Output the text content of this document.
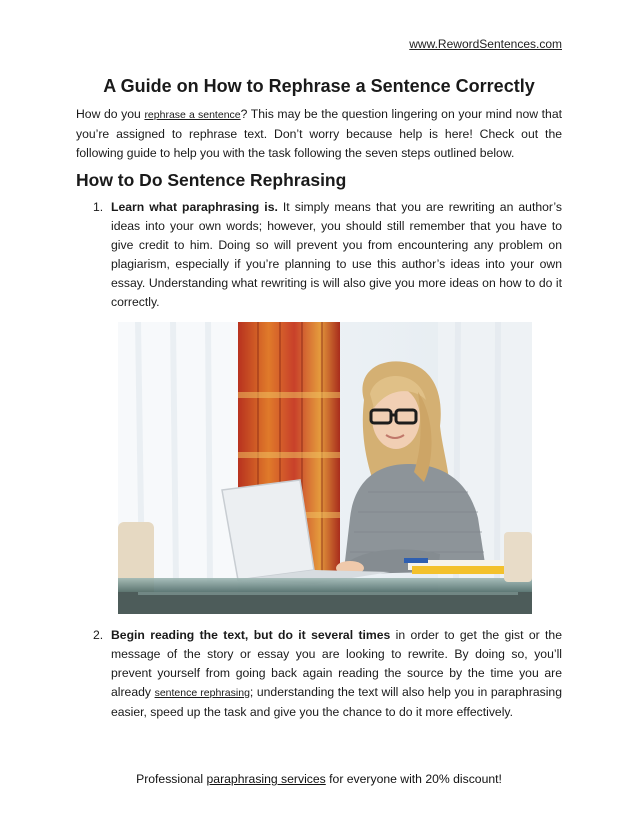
www.RewordSentences.com
A Guide on How to Rephrase a Sentence Correctly

How do you rephrase a sentence? This may be the question lingering on your mind now that you’re assigned to rephrase text. Don’t worry because help is here! Check out the following guide to help you with the task following the seven steps outlined below.

How to Do Sentence Rephrasing

1. Learn what paraphrasing is. It simply means that you are rewriting an author’s ideas into your own words; however, you should still remember that you have to give credit to him. Doing so will prevent you from encountering any problem on plagiarism, especially if you’re planning to use this author’s ideas into your own essay. Understanding what rewriting is will also give you more ideas on how to do it correctly.

2. Begin reading the text, but do it several times in order to get the gist or the message of the story or essay you are looking to rewrite. By doing so, you’ll prevent yourself from going back again reading the source by the time you are already sentence rephrasing; understanding the text will also help you in paraphrasing easier, speed up the task and give you the chance to do it more effectively.

Professional paraphrasing services for everyone with 20% discount!
